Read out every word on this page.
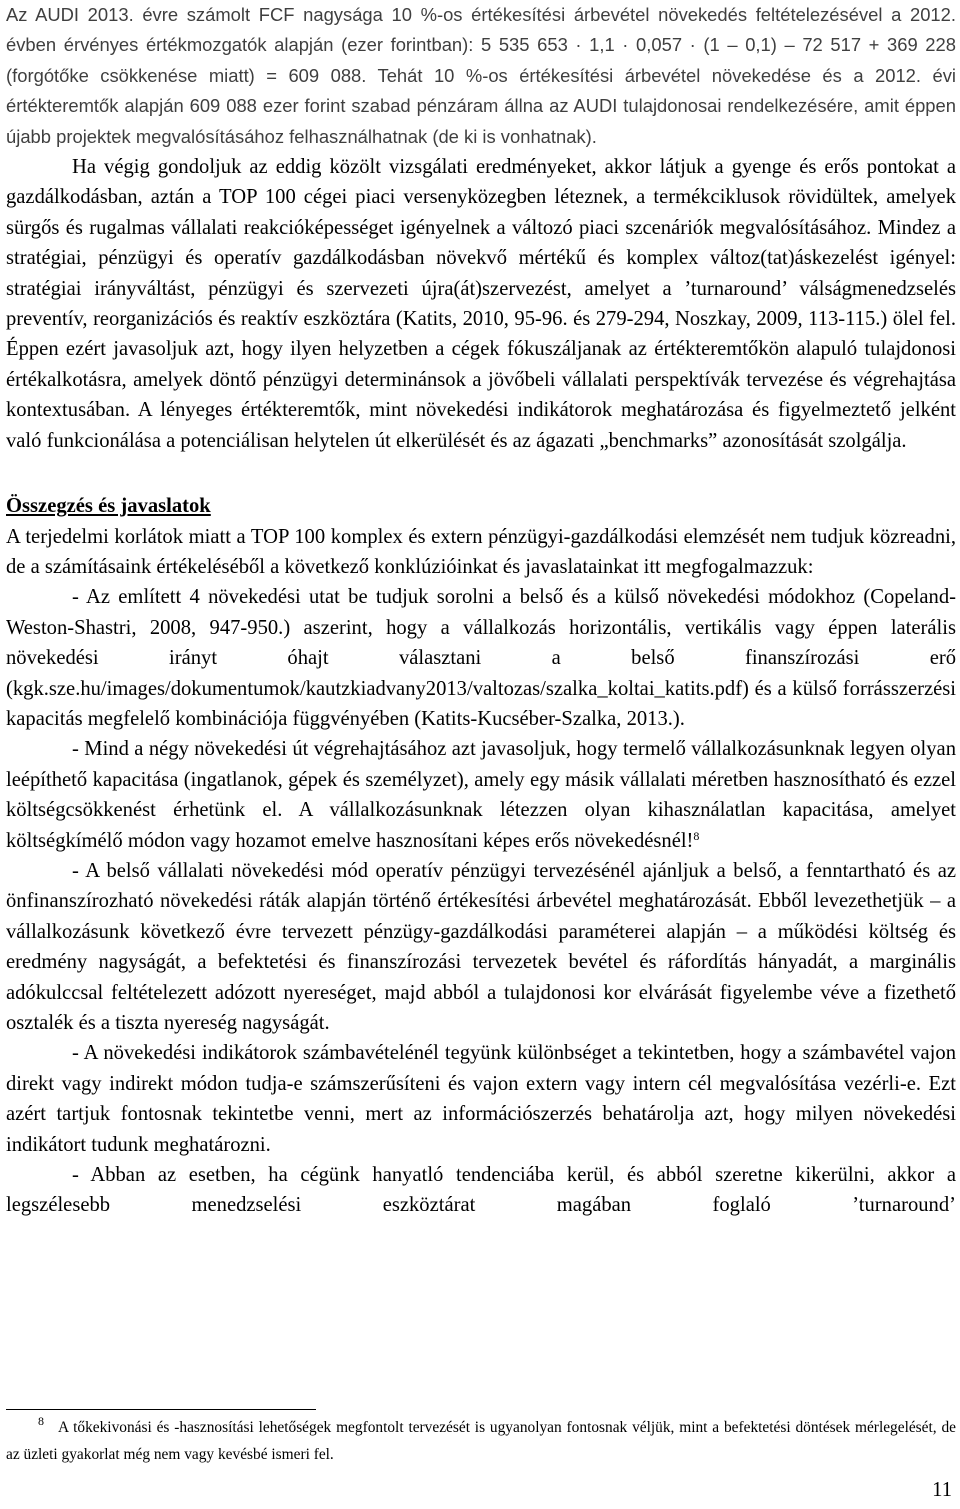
Az AUDI 2013. évre számolt FCF nagysága 10 %-os értékesítési árbevétel növekedés feltételezésével a 2012. évben érvényes értékmozgatók alapján (ezer forintban): 5 535 653 · 1,1 · 0,057 · (1 – 0,1) – 72 517 + 369 228 (forgótőke csökkenése miatt) = 609 088. Tehát 10 %-os értékesítési árbevétel növekedése és a 2012. évi értékteremtők alapján 609 088 ezer forint szabad pénzáram állna az AUDI tulajdonosai rendelkezésére, amit éppen újabb projektek megvalósításához felhasználhatnak (de ki is vonhatnak).

Ha végig gondoljuk az eddig közölt vizsgálati eredményeket, akkor látjuk a gyenge és erős pontokat a gazdálkodásban, aztán a TOP 100 cégei piaci versenyközegben léteznek, a termékciklusok rövidültek, amelyek sürgős és rugalmas vállalati reakcióképességet igényelnek a változó piaci szcenáriók megvalósításához. Mindez a stratégiai, pénzügyi és operatív gazdálkodásban növekvő mértékű és komplex változ(tat)áskezelést igényel: stratégiai irányváltást, pénzügyi és szervezeti újra(át)szervezést, amelyet a ’turnaround’ válságmenedzselés preventív, reorganizációs és reaktív eszköztára (Katits, 2010, 95-96. és 279-294, Noszkay, 2009, 113-115.) ölel fel. Éppen ezért javasoljuk azt, hogy ilyen helyzetben a cégek fókuszáljanak az értékteremtőkön alapuló tulajdonosi értékalkotásra, amelyek döntő pénzügyi determinánsok a jövőbeli vállalati perspektívák tervezése és végrehajtása kontextusában. A lényeges értékteremtők, mint növekedési indikátorok meghatározása és figyelmeztető jelként való funkcionálása a potenciálisan helytelen út elkerülését és az ágazati „benchmarks” azonosítását szolgálja.

Összegzés és javaslatok

A terjedelmi korlátok miatt a TOP 100 komplex és extern pénzügyi-gazdálkodási elemzését nem tudjuk közreadni, de a számításaink értékeléséből a következő konklúzióinkat és javaslatainkat itt megfogalmazzuk:

- Az említett 4 növekedési utat be tudjuk sorolni a belső és a külső növekedési módokhoz (Copeland-Weston-Shastri, 2008, 947-950.) aszerint, hogy a vállalkozás horizontális, vertikális vagy éppen laterális növekedési irányt óhajt választani a belső finanszírozási erő (kgk.sze.hu/images/dokumentumok/kautzkiadvany2013/valtozas/szalka_koltai_katits.pdf) és a külső forrásszerzési kapacitás megfelelő kombinációja függvényében (Katits-Kucséber-Szalka, 2013.).

- Mind a négy növekedési út végrehajtásához azt javasoljuk, hogy termelő vállalkozásunknak legyen olyan leépíthető kapacitása (ingatlanok, gépek és személyzet), amely egy másik vállalati méretben hasznosítható és ezzel költségcsökkenést érhetünk el. A vállalkozásunknak létezzen olyan kihasználatlan kapacitása, amelyet költségkímélő módon vagy hozamot emelve hasznosítani képes erős növekedésnél!$^8$

- A belső vállalati növekedési mód operatív pénzügyi tervezésénél ajánljuk a belső, a fenntartható és az önfinanszírozható növekedési ráták alapján történő értékesítési árbevétel meghatározását. Ebből levezethetjük – a vállalkozásunk következő évre tervezett pénzügy-gazdálkodási paraméterei alapján – a működési költség és eredmény nagyságát, a befektetési és finanszírozási tervezetek bevétel és ráfordítás hányadát, a marginális adókulccsal feltételezett adózott nyereséget, majd abból a tulajdonosi kor elvárását figyelembe véve a fizethető osztalék és a tiszta nyereség nagyságát.

- A növekedési indikátorok számbavételénél tegyünk különbséget a tekintetben, hogy a számbavétel vajon direkt vagy indirekt módon tudja-e számszerűsíteni és vajon extern vagy intern cél megvalósítása vezérli-e. Ezt azért tartjuk fontosnak tekintetbe venni, mert az információszerzés behatárolja azt, hogy milyen növekedési indikátort tudunk meghatározni.

- Abban az esetben, ha cégünk hanyatló tendenciába kerül, és abból szeretne kikerülni, akkor a legszélesebb menedzselési eszköztárat magában foglaló ’turnaround’

$^8$ A tőkekivonási és -hasznosítási lehetőségek megfontolt tervezését is ugyanolyan fontosnak véljük, mint a befektetési döntések mérlegelését, de az üzleti gyakorlat még nem vagy kevésbé ismeri fel.
11
